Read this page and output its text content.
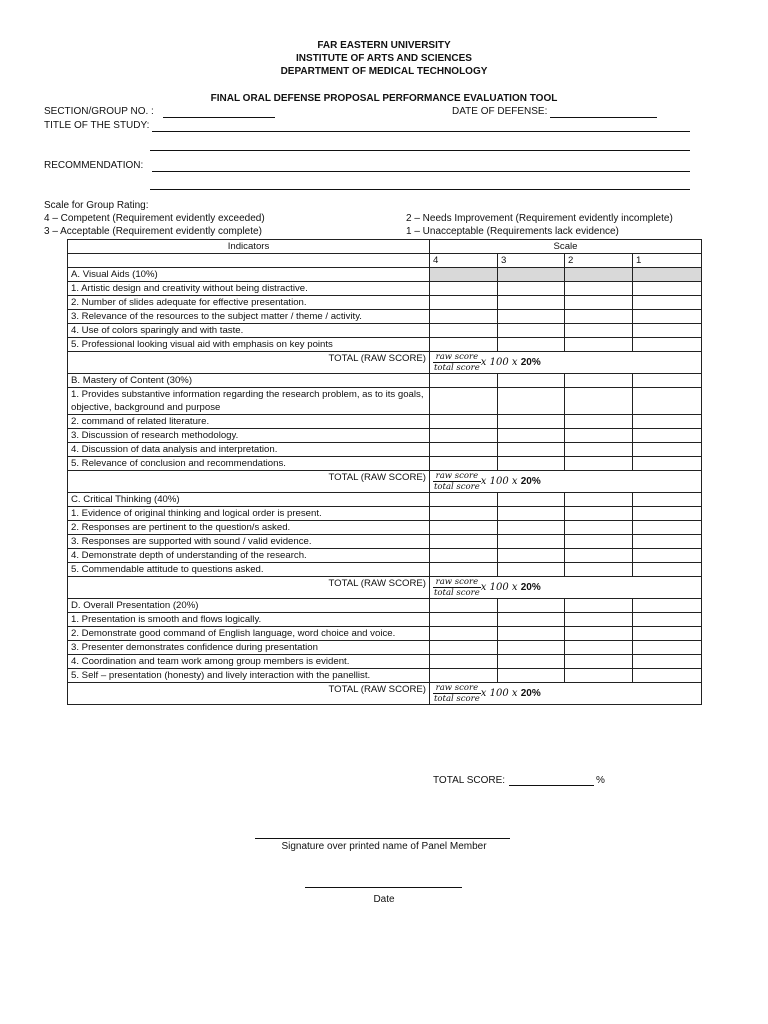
FAR EASTERN UNIVERSITY
INSTITUTE OF ARTS AND SCIENCES
DEPARTMENT OF MEDICAL TECHNOLOGY
FINAL ORAL DEFENSE PROPOSAL PERFORMANCE EVALUATION TOOL
SECTION/GROUP NO. :	DATE OF DEFENSE:
TITLE OF THE STUDY:
RECOMMENDATION:
Scale for Group Rating:
4 – Competent (Requirement evidently exceeded)	2 – Needs Improvement (Requirement evidently incomplete)
3 – Acceptable (Requirement evidently complete)	1 – Unacceptable (Requirements lack evidence)
Indicators	Scale			
	4	3	2	1
A. Visual Aids (10%)				
1. Artistic design and creativity without being distractive.				
2. Number of slides adequate for effective presentation.				
3. Relevance of the resources to the subject matter / theme / activity.				
4. Use of colors sparingly and with taste.				
5. Professional looking visual aid with emphasis on key points				
TOTAL (RAW SCORE)	$\frac{\text{raw score}}{\text{total score}}$ x 100 x 20%			
B. Mastery of Content (30%)				
1. Provides substantive information regarding the research problem, as to its goals, objective, background and purpose				
2. command of related literature.				
3. Discussion of research methodology.				
4. Discussion of data analysis and interpretation.				
5. Relevance of conclusion and recommendations.				
TOTAL (RAW SCORE)	$\frac{\text{raw score}}{\text{total score}}$ x 100 x 20%			
C. Critical Thinking (40%)				
1. Evidence of original thinking and logical order is present.				
2. Responses are pertinent to the question/s asked.				
3. Responses are supported with sound / valid evidence.				
4. Demonstrate depth of understanding of the research.				
5. Commendable attitude to questions asked.				
TOTAL (RAW SCORE)	$\frac{\text{raw score}}{\text{total score}}$ x 100 x 20%			
D. Overall Presentation (20%)				
1. Presentation is smooth and flows logically.				
2. Demonstrate good command of English language, word choice and voice.				
3. Presenter demonstrates confidence during presentation				
4. Coordination and team work among group members is evident.				
5. Self – presentation (honesty) and lively interaction with the panellist.				
TOTAL (RAW SCORE)	$\frac{\text{raw score}}{\text{total score}}$ x 100 x 20%			
TOTAL SCORE:	%
Signature over printed name of Panel Member
Date
